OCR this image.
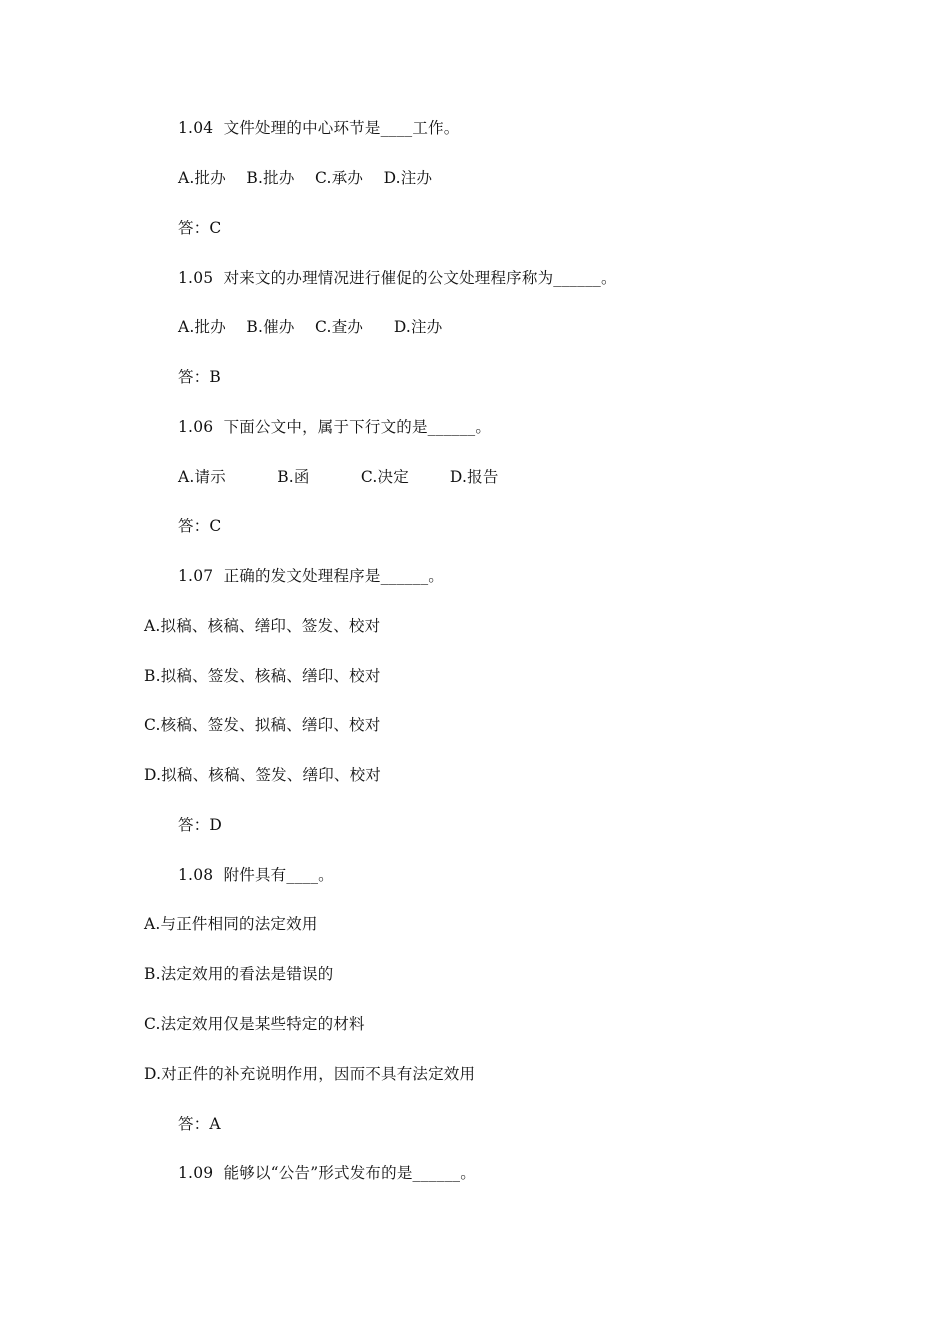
1.04  文件处理的中心环节是____工作。
A.批办    B.批办    C.承办    D.注办
答：C
1.05  对来文的办理情况进行催促的公文处理程序称为______。
A.批办    B.催办    C.查办      D.注办
答：B
1.06  下面公文中，属于下行文的是______。
A.请示          B.函          C.决定        D.报告
答：C
1.07  正确的发文处理程序是______。
A.拟稿、核稿、缮印、签发、校对
B.拟稿、签发、核稿、缮印、校对
C.核稿、签发、拟稿、缮印、校对
D.拟稿、核稿、签发、缮印、校对
答：D
1.08  附件具有____。
A.与正件相同的法定效用
B.法定效用的看法是错误的
C.法定效用仅是某些特定的材料
D.对正件的补充说明作用，因而不具有法定效用
答：A
1.09  能够以“公告”形式发布的是______。
